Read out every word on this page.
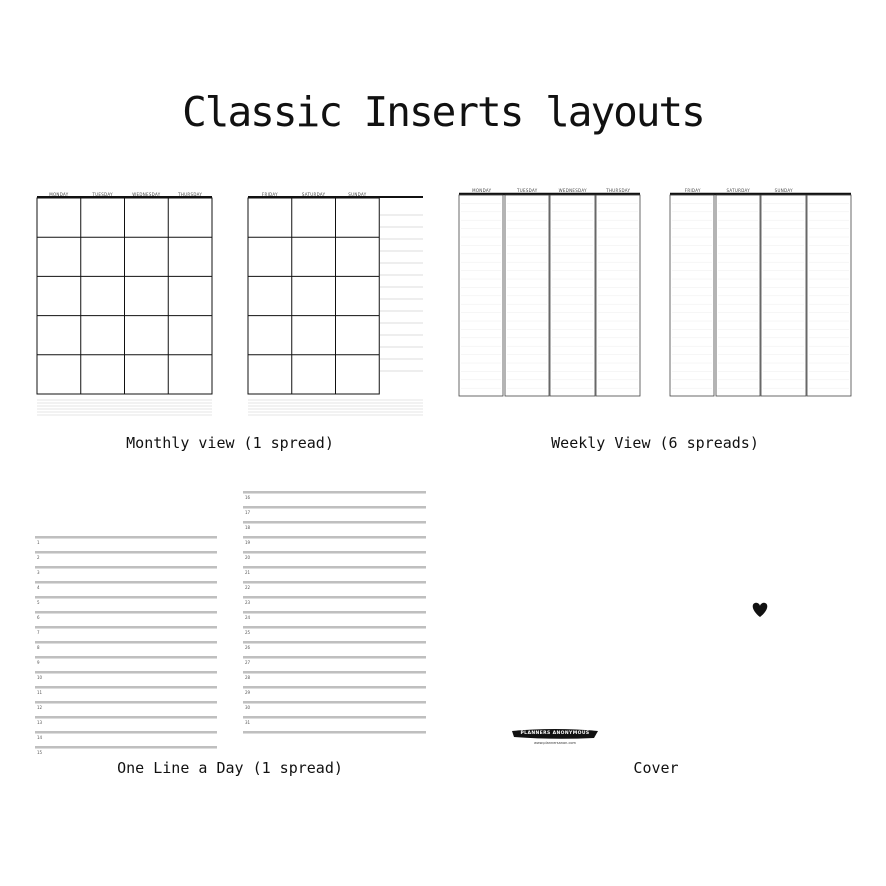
Classic Inserts layouts
MONDAY	TUESDAY	WEDNESDAY	THURSDAY	FRIDAY	SATURDAY	SUNDAY
Monthly view (1 spread)
MONDAY	TUESDAY	WEDNESDAY	THURSDAY	FRIDAY	SATURDAY	SUNDAY
Weekly View (6 spreads)
1
2
3
4
5
6
7
8
9
10
11
12
13
14
15
16
17
18
19
20
21
22
23
24
25
26
27
28
29
30
31
One Line a Day (1 spread)
PLANNERS ANONYMOUS
www.plannersanon.com
Cover
